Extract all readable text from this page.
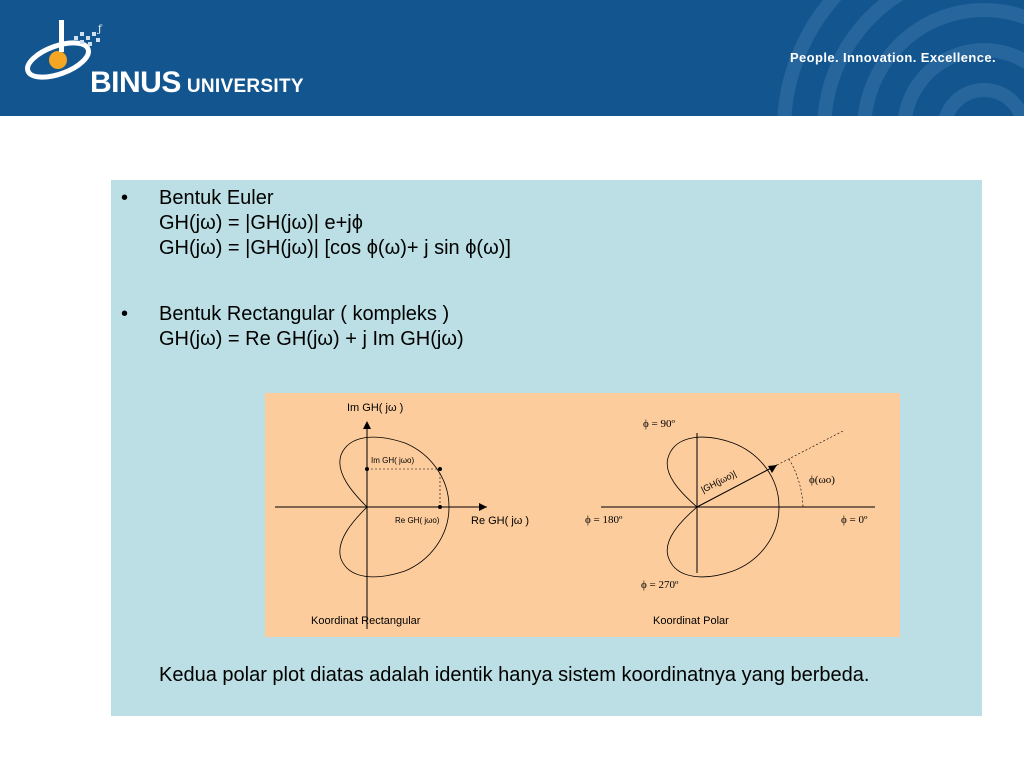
ƒ
BINUS UNIVERSITY
People. Innovation. Excellence.
• Bentuk Euler
GH(jω) = |GH(jω)| e+jϕ
GH(jω) = |GH(jω)| [cos ϕ(ω)+ j sin ϕ(ω)]
• Bentuk Rectangular ( kompleks )
GH(jω) = Re GH(jω) + j Im GH(jω)
Im GH( jω )
Re GH( jω )
Im GH( jωo)
Re GH( jωo)
Koordinat Rectangular
ϕ = 90º
ϕ = 180º	ϕ = 0º
ϕ = 270º
|GH(jωo)|	ϕ(ωo)
Koordinat Polar
Kedua polar plot diatas adalah identik hanya sistem koordinatnya yang berbeda.
